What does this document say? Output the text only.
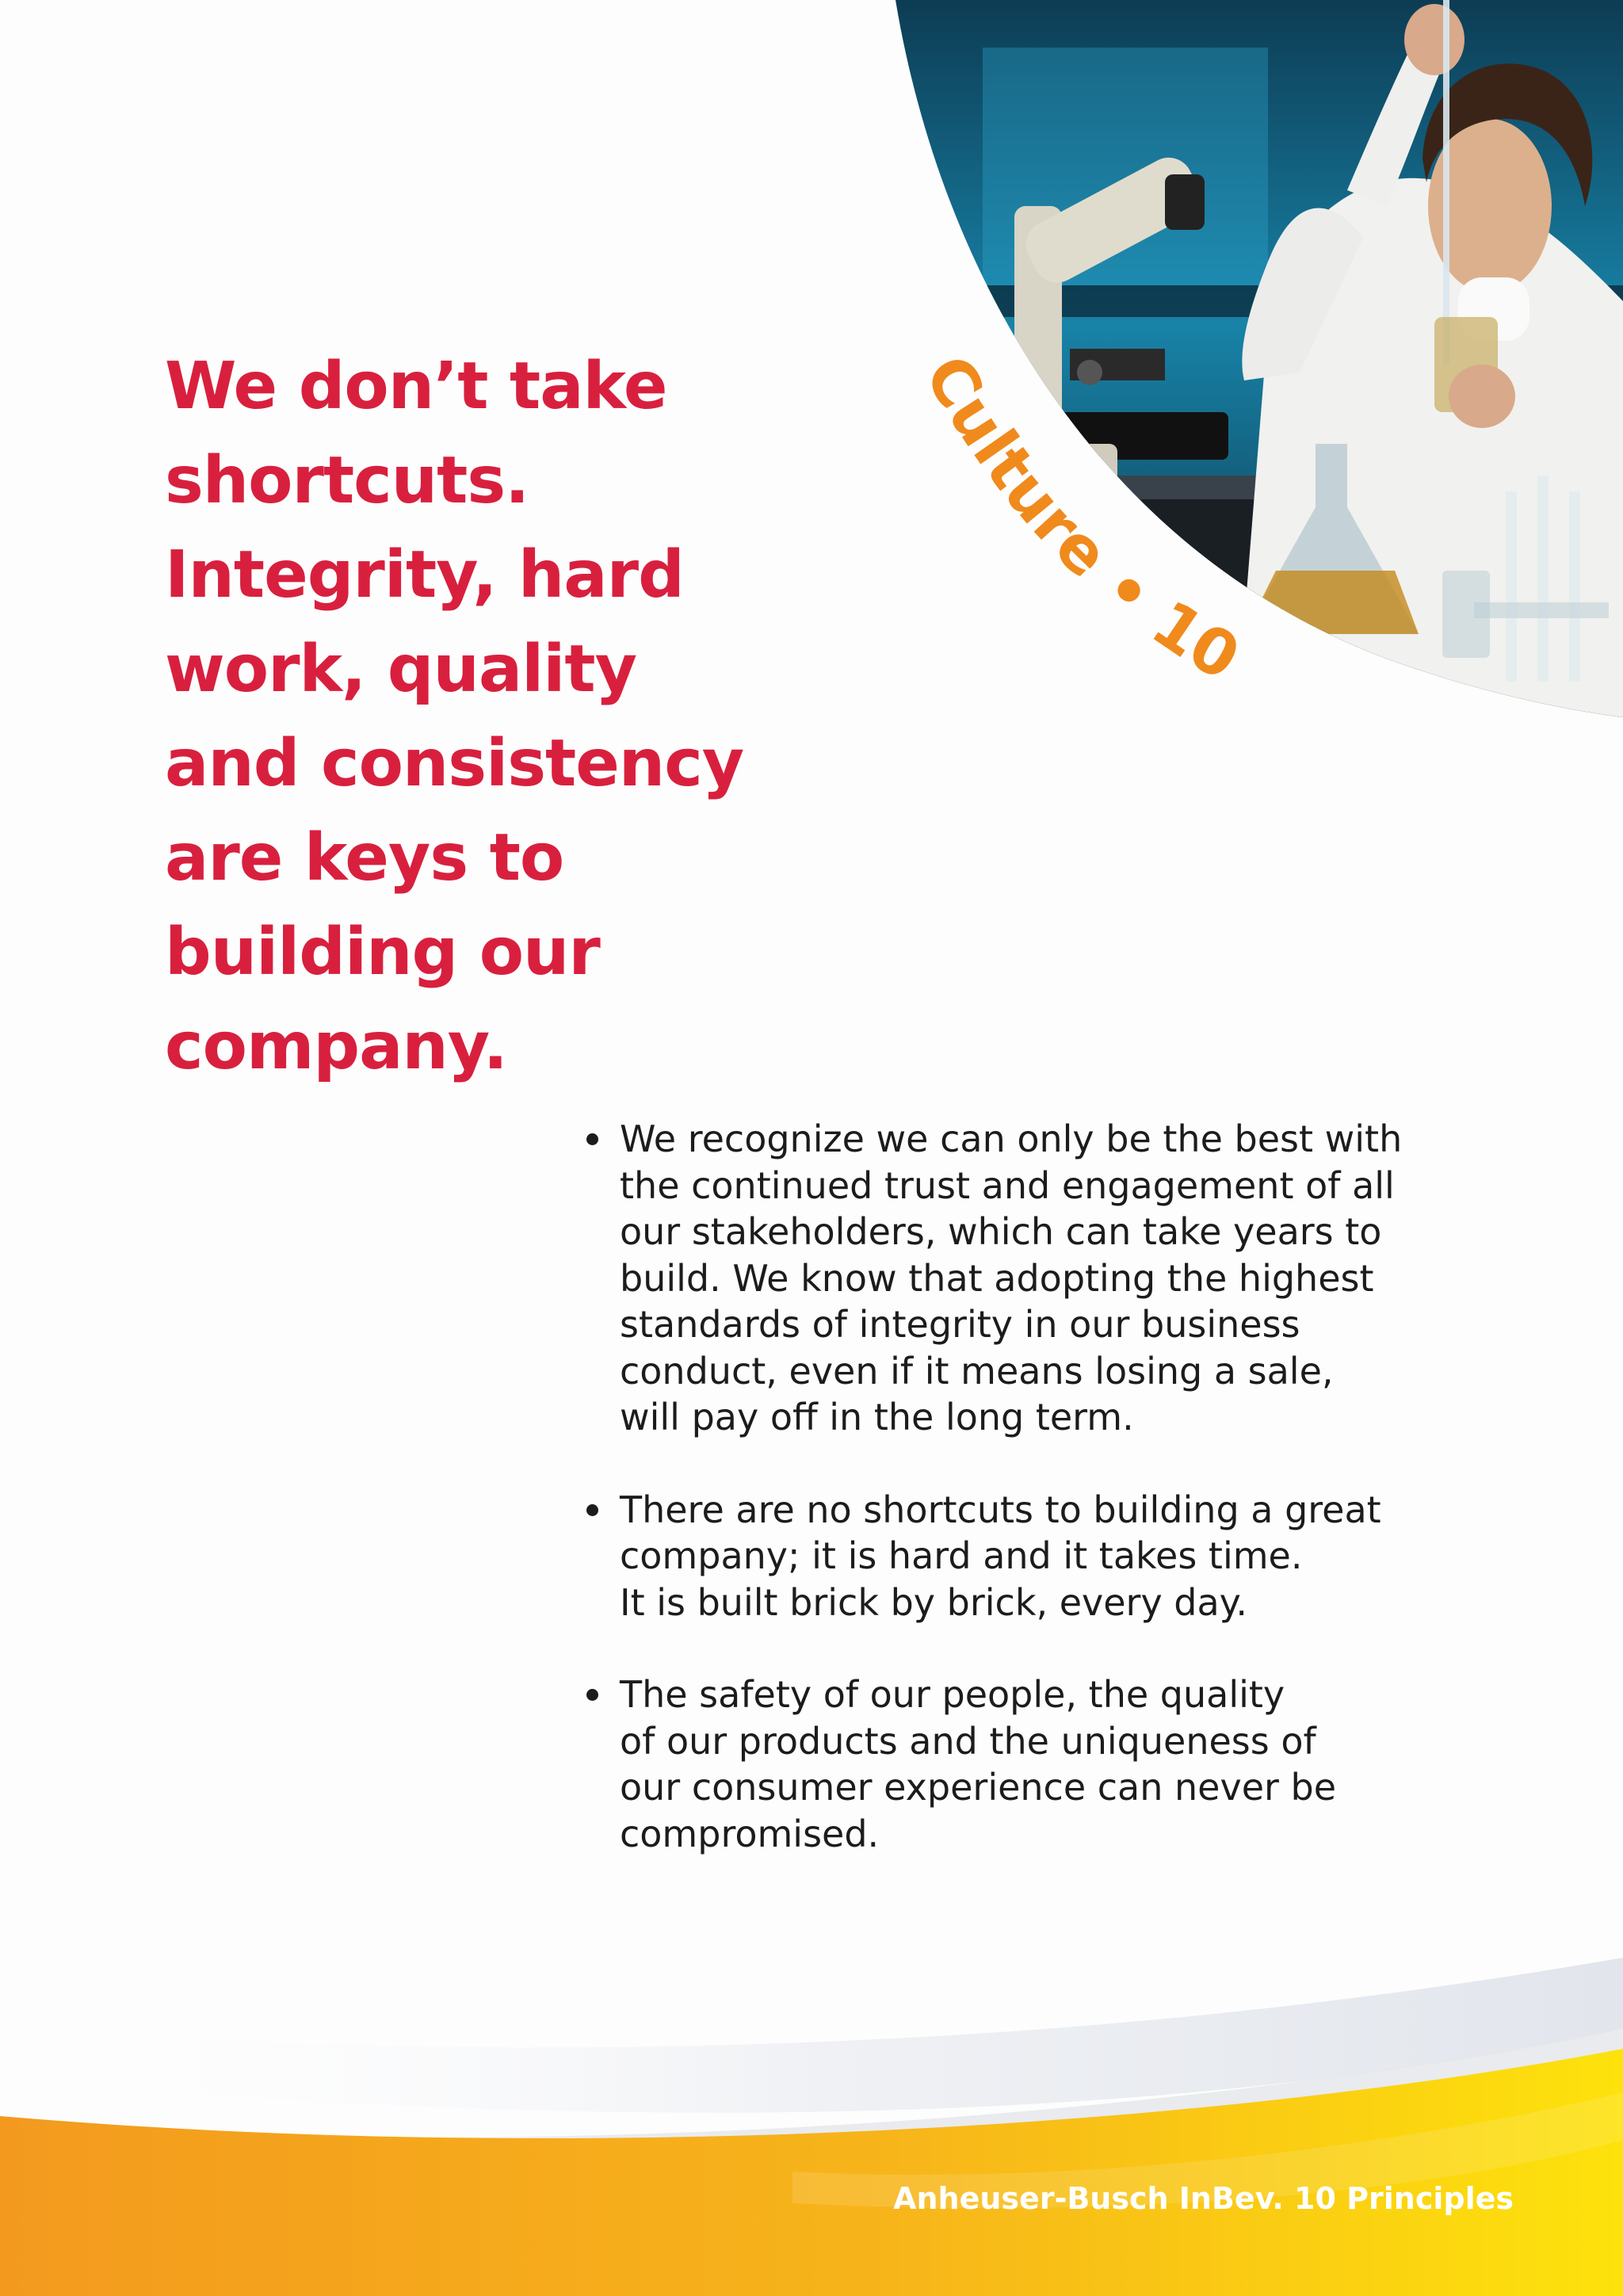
Culture • 10
We don’t take
shortcuts.
Integrity, hard
work, quality
and consistency
are keys to
building our
company.
We recognize we can only be the best with
the continued trust and engagement of all
our stakeholders, which can take years to
build. We know that adopting the highest
standards of integrity in our business
conduct, even if it means losing a sale,
will pay off in the long term.
There are no shortcuts to building a great
company; it is hard and it takes time.
It is built brick by brick, every day.
The safety of our people, the quality
of our products and the uniqueness of
our consumer experience can never be
compromised.
Anheuser-Busch InBev. 10 Principles
